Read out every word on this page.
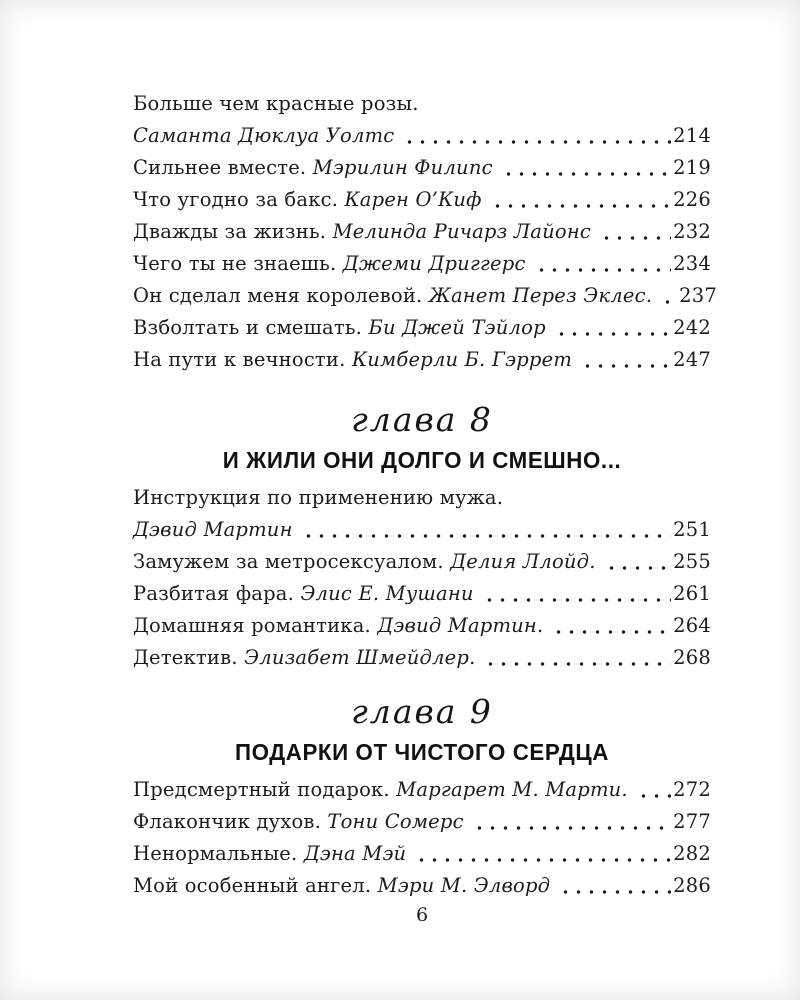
Больше чем красные розы.
Саманта Дюклуа Уолтс	214
Сильнее вместе. Мэрилин Филипс	219
Что угодно за бакс. Карен О’Киф	226
Дважды за жизнь. Мелинда Ричарз Лайонс	232
Чего ты не знаешь. Джеми Дриггерс	234
Он сделал меня королевой. Жанет Перез Эклес. 237
Взболтать и смешать. Би Джей Тэйлор	242
На пути к вечности. Кимберли Б. Гэррет	247
глава 8
И ЖИЛИ ОНИ ДОЛГО И СМЕШНО...
Инструкция по применению мужа.
Дэвид Мартин	251
Замужем за метросексуалом. Делия Ллойд.	255
Разбитая фара. Элис Е. Мушани	261
Домашняя романтика. Дэвид Мартин.	264
Детектив. Элизабет Шмейдлер.	268
глава 9
ПОДАРКИ ОТ ЧИСТОГО СЕРДЦА
Предсмертный подарок. Маргарет М. Марти. 272
Флакончик духов. Тони Сомерс	277
Ненормальные. Дэна Мэй	282
Мой особенный ангел. Мэри М. Элворд	286
6
